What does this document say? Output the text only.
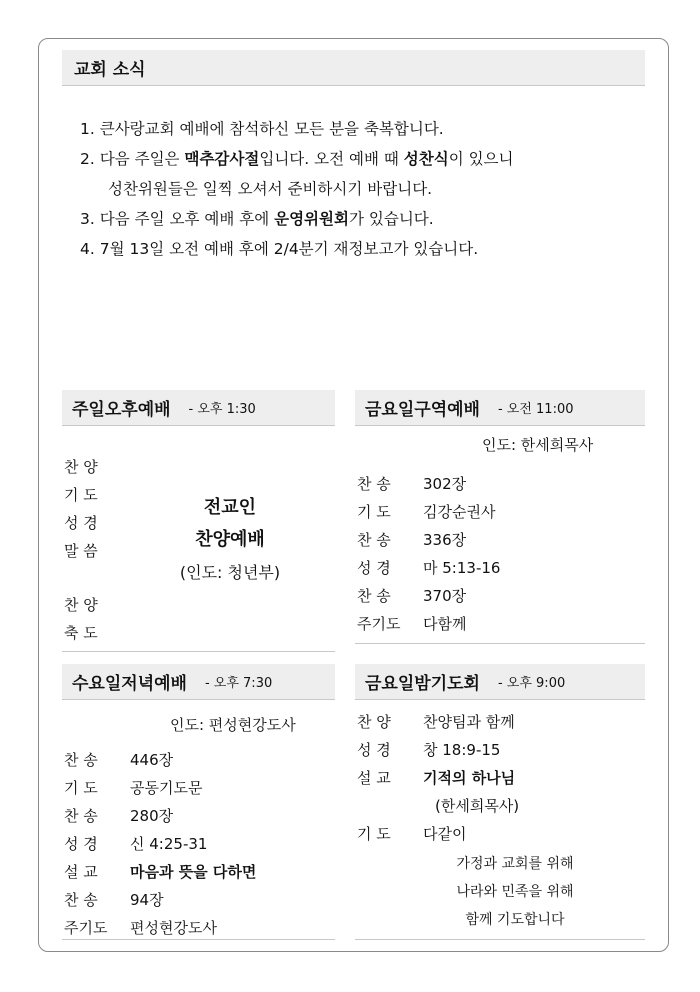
교회 소식
1. 큰사랑교회 예배에 참석하신 모든 분을 축복합니다.
2. 다음 주일은 맥추감사절입니다. 오전 예배 때 성찬식이 있으니
성찬위원들은 일찍 오셔서 준비하시기 바랍니다.
3. 다음 주일 오후 예배 후에 운영위원회가 있습니다.
4. 7월 13일 오전 예배 후에 2/4분기 재정보고가 있습니다.
주일오후예배 - 오후 1:30
찬 양
기 도
성 경
말 씀
찬 양
축 도
전교인
찬양예배
(인도: 청년부)
금요일구역예배 - 오전 11:00
인도: 한세희목사
찬 송 302장
기 도 김강순권사
찬 송 336장
성 경 마 5:13-16
찬 송 370장
주기도 다함께
수요일저녁예배 - 오후 7:30
인도: 편성현강도사
찬 송 446장
기 도 공동기도문
찬 송 280장
성 경 신 4:25-31
설 교 마음과 뜻을 다하면
찬 송 94장
주기도 편성현강도사
금요일밤기도회 - 오후 9:00
찬 양 찬양팀과 함께
성 경 창 18:9-15
설 교 기적의 하나님
(한세희목사)
기 도 다같이
가정과 교회를 위해
나라와 민족을 위해
함께 기도합니다
